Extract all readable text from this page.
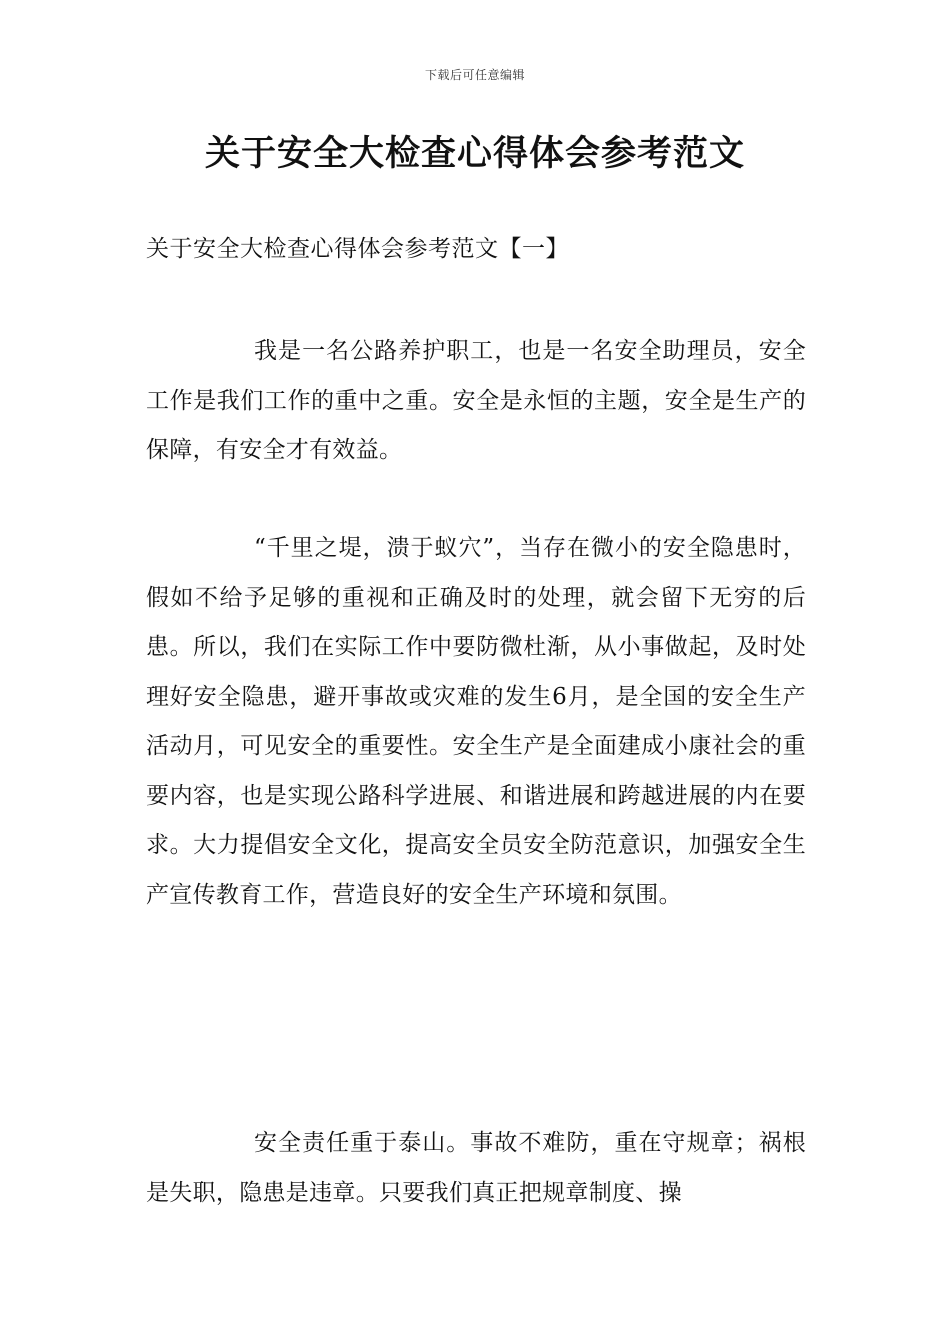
下载后可任意编辑
关于安全大检查心得体会参考范文
关于安全大检查心得体会参考范文【一】

我是一名公路养护职工，也是一名安全助理员，安全工作是我们工作的重中之重。安全是永恒的主题，安全是生产的保障，有安全才有效益。

“千里之堤，溃于蚁穴”，当存在微小的安全隐患时，假如不给予足够的重视和正确及时的处理，就会留下无穷的后患。所以，我们在实际工作中要防微杜渐，从小事做起，及时处理好安全隐患，避开事故或灾难的发生6月，是全国的安全生产活动月，可见安全的重要性。安全生产是全面建成小康社会的重要内容，也是实现公路科学进展、和谐进展和跨越进展的内在要求。大力提倡安全文化，提高安全员安全防范意识，加强安全生产宣传教育工作，营造良好的安全生产环境和氛围。

安全责任重于泰山。事故不难防，重在守规章；祸根是失职，隐患是违章。只要我们真正把规章制度、操
